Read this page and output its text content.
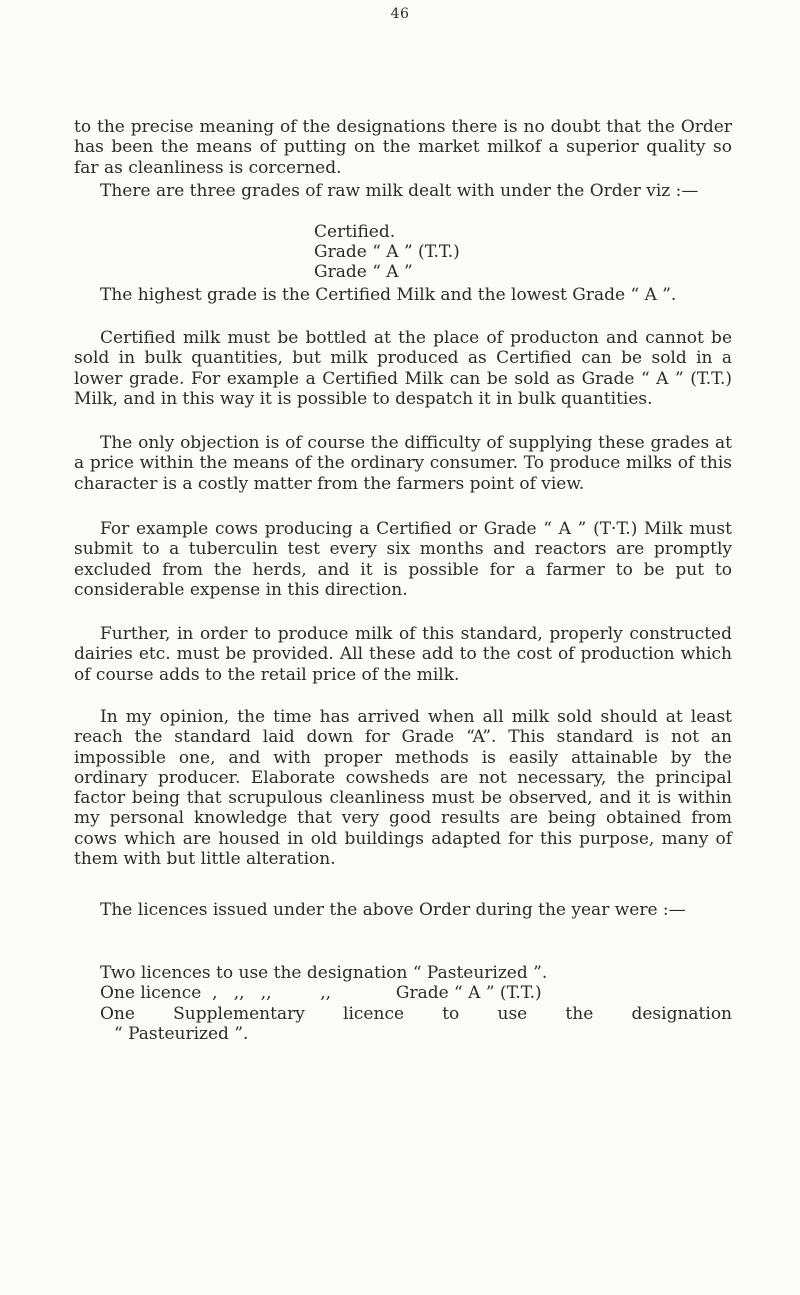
46

to the precise meaning of the designations there is no doubt that the Order has been the means of putting on the market milkof a superior quality so far as cleanliness is corcerned.

There are three grades of raw milk dealt with under the Order viz :—

Certified.

Grade “ A ” (T.T.)

Grade “ A ”

The highest grade is the Certified Milk and the lowest Grade “ A ”.

Certified milk must be bottled at the place of producton and cannot be sold in bulk quantities, but milk produced as Certified can be sold in a lower grade. For example a Certified Milk can be sold as Grade “ A ” (T.T.) Milk, and in this way it is possible to despatch it in bulk quantities.

The only objection is of course the difficulty of supplying these grades at a price within the means of the ordinary consumer. To produce milks of this character is a costly matter from the farmers point of view.

For example cows producing a Certified or Grade “ A ” (T·T.) Milk must submit to a tuberculin test every six months and reactors are promptly excluded from the herds, and it is possible for a farmer to be put to considerable expense in this direction.

Further, in order to produce milk of this standard, properly constructed dairies etc. must be provided. All these add to the cost of production which of course adds to the retail price of the milk.

In my opinion, the time has arrived when all milk sold should at least reach the standard laid down for Grade “A”. This standard is not an impossible one, and with proper methods is easily attainable by the ordinary producer. Elaborate cowsheds are not necessary, the principal factor being that scrupulous cleanliness must be observed, and it is within my personal knowledge that very good results are being obtained from cows which are housed in old buildings adapted for this purpose, many of them with but little alteration.

The licences issued under the above Order during the year were :—

Two licences to use the designation “ Pasteurized ”.

One licence  ,   ,,   ,,         ,,            Grade “ A ” (T.T.)

One Supplementary licence to use the designation

“ Pasteurized ”.
